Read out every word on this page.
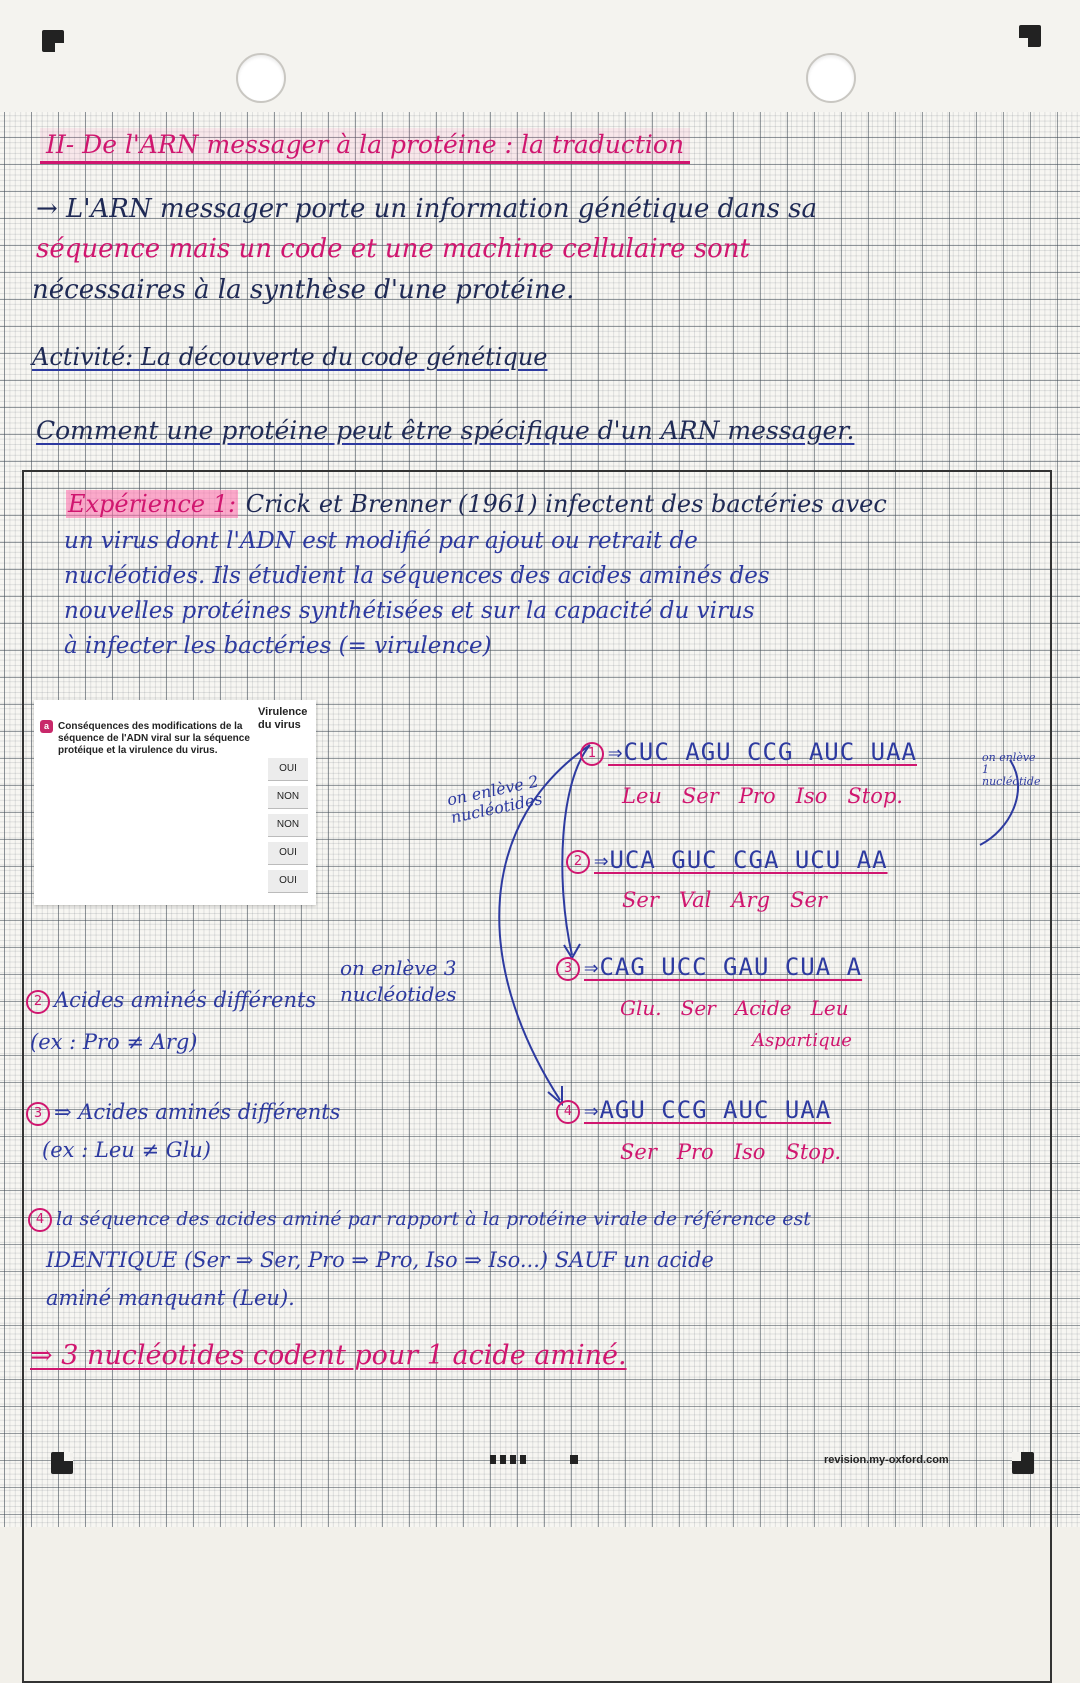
II- De l'ARN messager à la protéine : la traduction

→ L'ARN messager porte un information génétique dans sa

séquence mais un code et une machine cellulaire sont

nécessaires à la synthèse d'une protéine.

Activité: La découverte du code génétique

Comment une protéine peut être spécifique d'un ARN messager.

Expérience 1: Crick et Brenner (1961) infectent des bactéries avec

un virus dont l'ADN est modifié par ajout ou retrait de

nucléotides. Ils étudient la séquences des acides aminés des

nouvelles protéines synthétisées et sur la capacité du virus

à infecter les bactéries (= virulence)

a Conséquences des modifications de la séquence de l'ADN viral sur la séquence protéique et la virulence du virus.
Virulence du virus
OUI
NON
NON
OUI
OUI

on enlève 2 nucléotides

on enlève 1 nucléotide

on enlève 3 nucléotides

2 Acides aminés différents

(ex : Pro ≠ Arg)

3 ⇒ Acides aminés différents

(ex : Leu ≠ Glu)

1 ⇒CUC AGU CCG AUC UAA

Leu   Ser   Pro   Iso   Stop.

2 ⇒UCA GUC CGA UCU AA

Ser   Val   Arg   Ser

3 ⇒CAG UCC GAU CUA A

Glu.   Ser   Acide   Leu

Aspartique

4 ⇒AGU CCG AUC UAA

Ser   Pro   Iso   Stop.

4 la séquence des acides aminé par rapport à la protéine virale de référence est

IDENTIQUE (Ser ⇒ Ser, Pro ⇒ Pro, Iso ⇒ Iso...) SAUF un acide

aminé manquant (Leu).

⇒ 3 nucléotides codent pour 1 acide aminé.

revision.my-oxford.com
